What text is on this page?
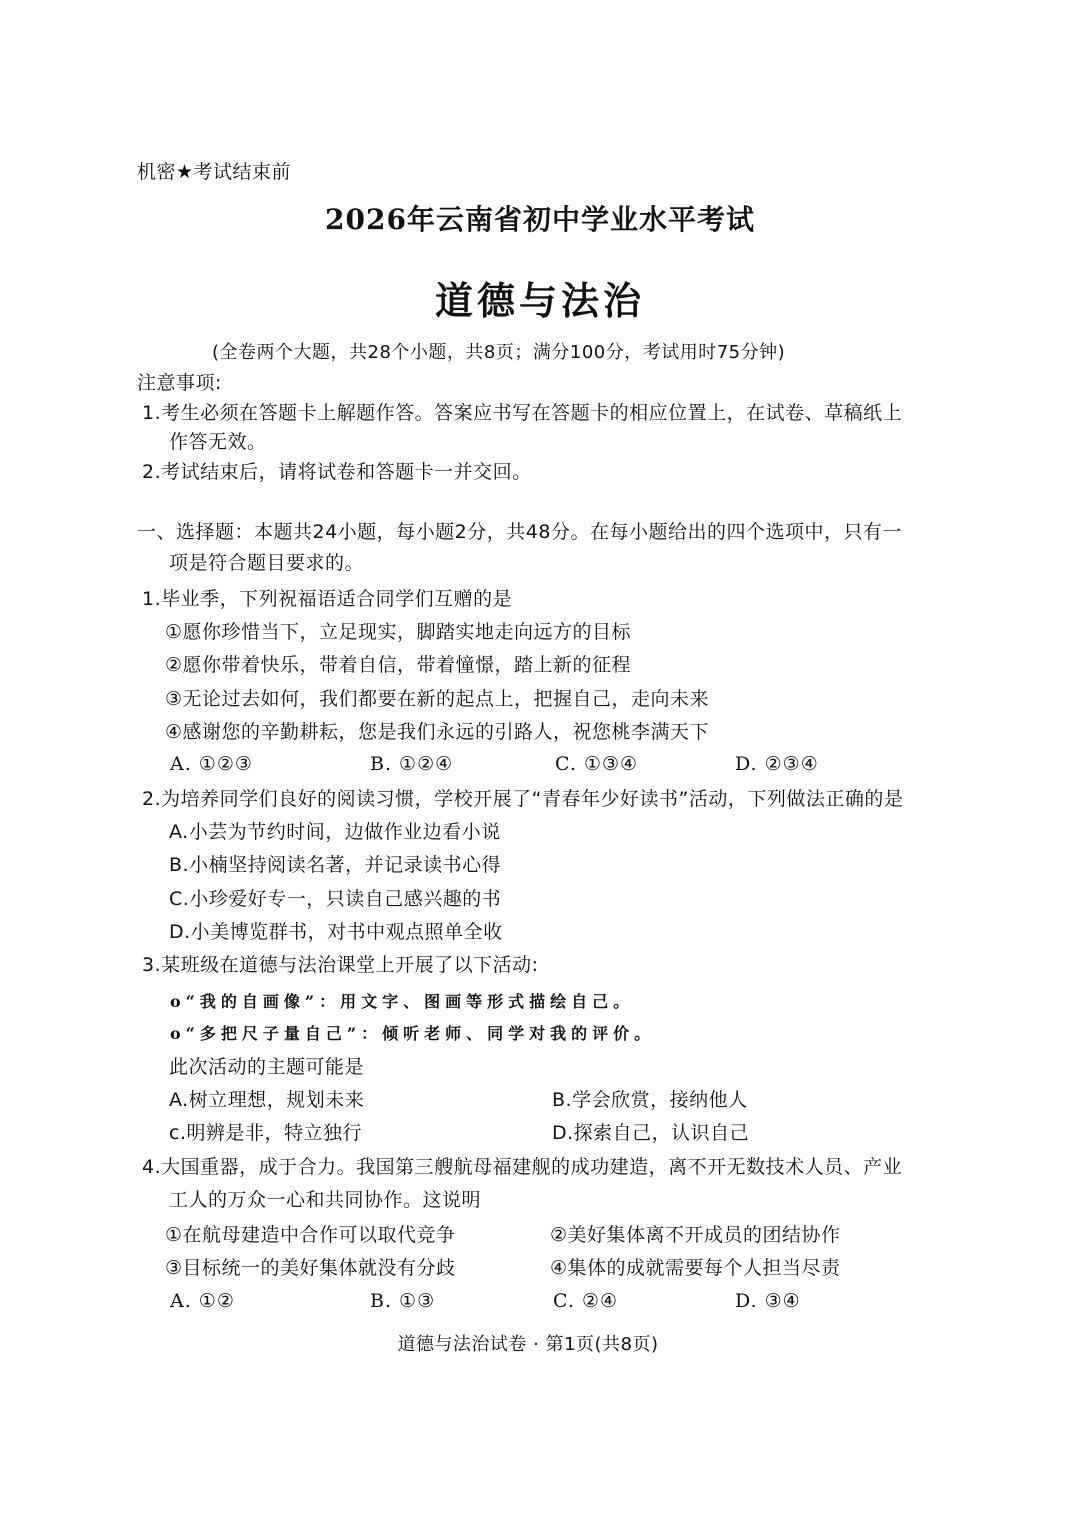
机密★考试结束前
2026年云南省初中学业水平考试
道德与法治
(全卷两个大题，共28个小题，共8页；满分100分，考试用时75分钟)
注意事项:
1.考生必须在答题卡上解题作答。答案应书写在答题卡的相应位置上，在试卷、草稿纸上
作答无效。
2.考试结束后，请将试卷和答题卡一并交回。
一、选择题：本题共24小题，每小题2分，共48分。在每小题给出的四个选项中，只有一
项是符合题目要求的。
1.毕业季，下列祝福语适合同学们互赠的是
①愿你珍惜当下，立足现实，脚踏实地走向远方的目标
②愿你带着快乐，带着自信，带着憧憬，踏上新的征程
③无论过去如何，我们都要在新的起点上，把握自己，走向未来
④感谢您的辛勤耕耘，您是我们永远的引路人，祝您桃李满天下
A. ①②③	B. ①②④	C. ①③④	D. ②③④
2.为培养同学们良好的阅读习惯，学校开展了“青春年少好读书”活动，下列做法正确的是
A.小芸为节约时间，边做作业边看小说
B.小楠坚持阅读名著，并记录读书心得
C.小珍爱好专一，只读自己感兴趣的书
D.小美博览群书，对书中观点照单全收
3.某班级在道德与法治课堂上开展了以下活动:
o“我的自画像”：用文字、图画等形式描绘自己。
o“多把尺子量自己”：倾听老师、同学对我的评价。
此次活动的主题可能是
A.树立理想，规划未来	B.学会欣赏，接纳他人
c.明辨是非，特立独行	D.探索自己，认识自己
4.大国重器，成于合力。我国第三艘航母福建舰的成功建造，离不开无数技术人员、产业
工人的万众一心和共同协作。这说明
①在航母建造中合作可以取代竞争	②美好集体离不开成员的团结协作
③目标统一的美好集体就没有分歧	④集体的成就需要每个人担当尽责
A. ①②	B. ①③	C. ②④	D. ③④
道德与法治试卷 · 第1页(共8页)
